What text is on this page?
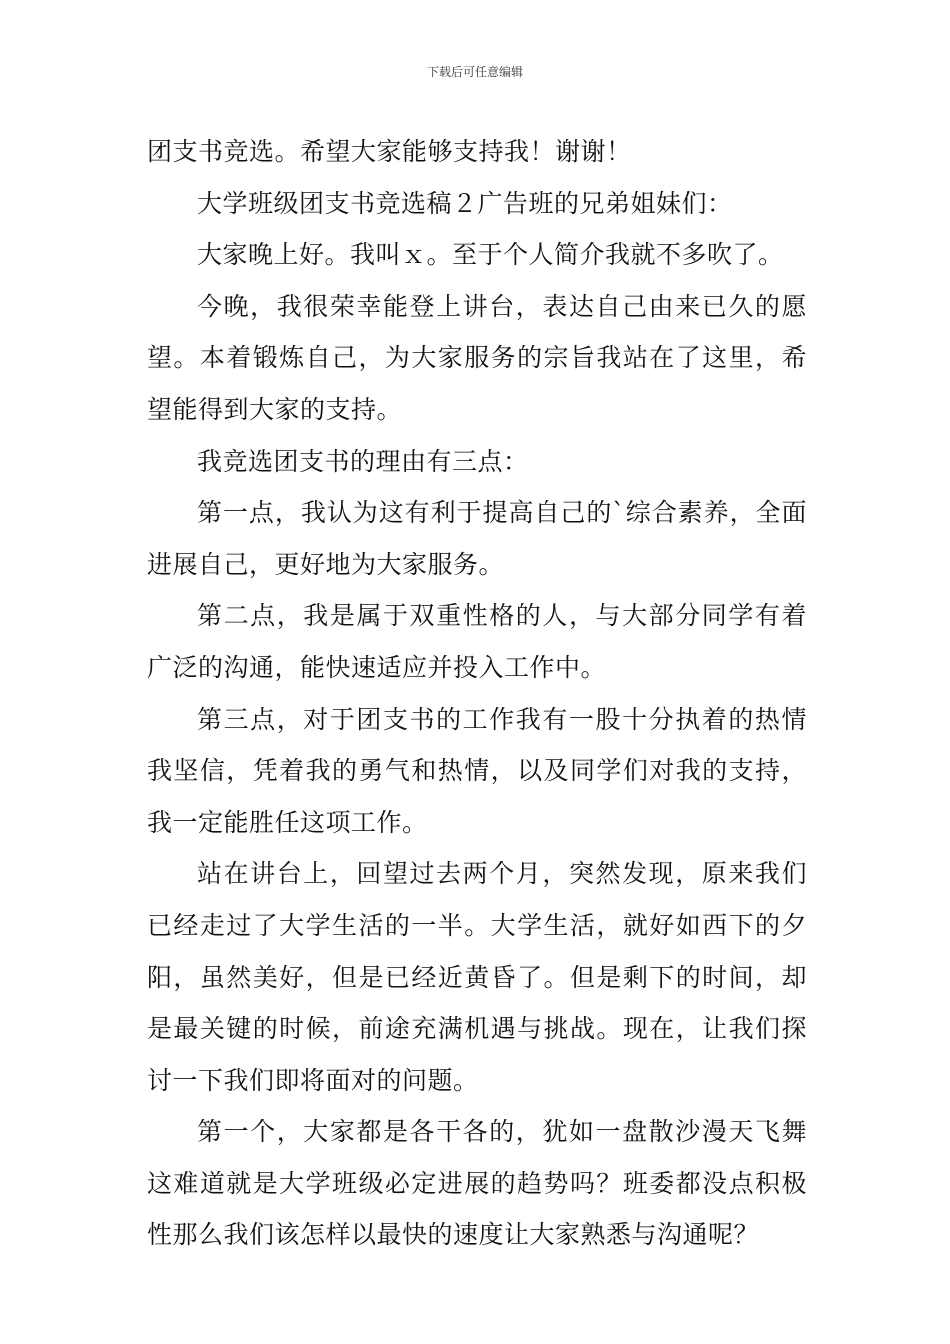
下载后可任意编辑
团支书竞选。希望大家能够支持我！谢谢！
大学班级团支书竞选稿２广告班的兄弟姐妹们：
大家晚上好。我叫ｘ。至于个人简介我就不多吹了。
今晚，我很荣幸能登上讲台，表达自己由来已久的愿
望。本着锻炼自己，为大家服务的宗旨我站在了这里，希
望能得到大家的支持。
我竞选团支书的理由有三点：
第一点，我认为这有利于提高自己的`综合素养，全面
进展自己，更好地为大家服务。
第二点，我是属于双重性格的人，与大部分同学有着
广泛的沟通，能快速适应并投入工作中。
第三点，对于团支书的工作我有一股十分执着的热情
我坚信，凭着我的勇气和热情，以及同学们对我的支持，
我一定能胜任这项工作。
站在讲台上，回望过去两个月，突然发现，原来我们
已经走过了大学生活的一半。大学生活，就好如西下的夕
阳，虽然美好，但是已经近黄昏了。但是剩下的时间，却
是最关键的时候，前途充满机遇与挑战。现在，让我们探
讨一下我们即将面对的问题。
第一个，大家都是各干各的，犹如一盘散沙漫天飞舞
这难道就是大学班级必定进展的趋势吗？班委都没点积极
性那么我们该怎样以最快的速度让大家熟悉与沟通呢？
